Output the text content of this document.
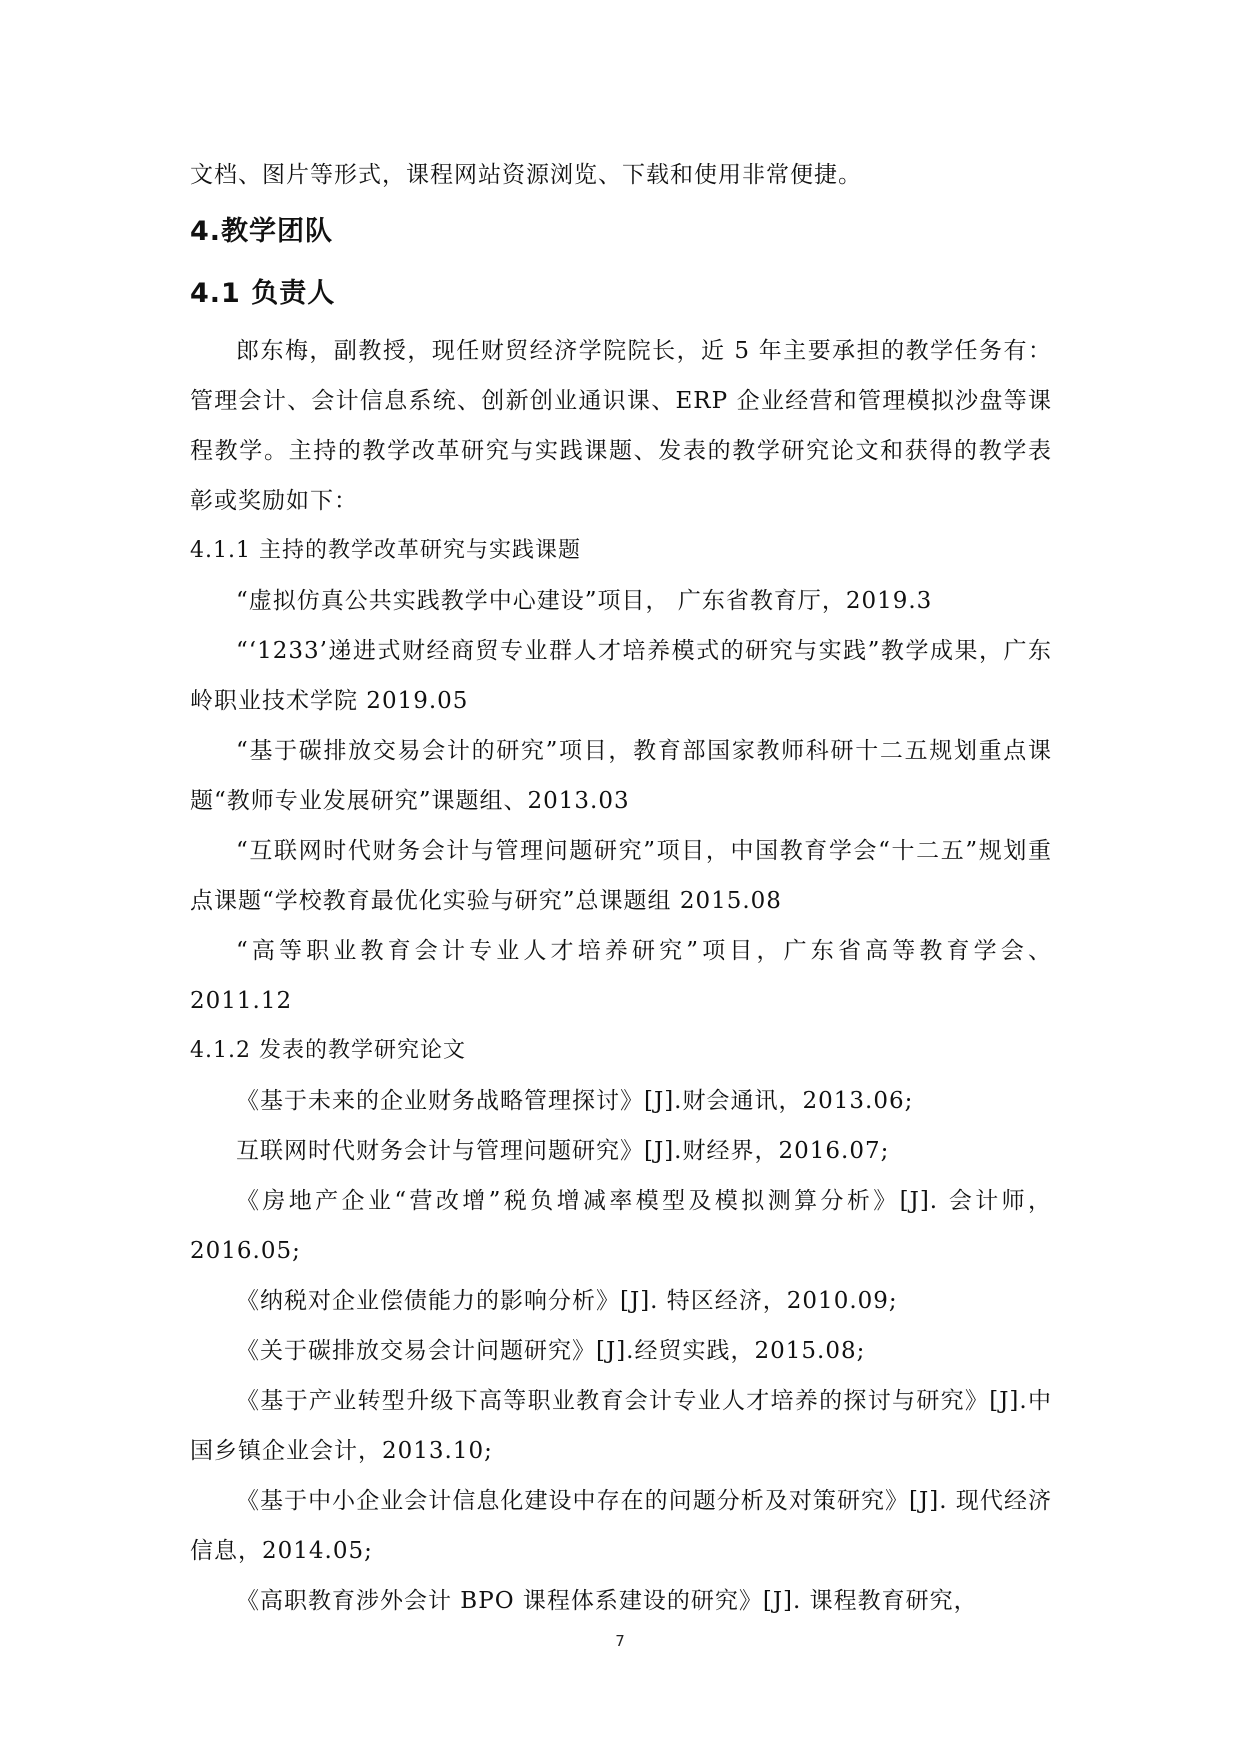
文档、图片等形式，课程网站资源浏览、下载和使用非常便捷。

4.教学团队
4.1 负责人

郎东梅，副教授，现任财贸经济学院院长，近 5 年主要承担的教学任务有：管理会计、会计信息系统、创新创业通识课、ERP 企业经营和管理模拟沙盘等课程教学。主持的教学改革研究与实践课题、发表的教学研究论文和获得的教学表彰或奖励如下：

4.1.1 主持的教学改革研究与实践课题

“虚拟仿真公共实践教学中心建设”项目， 广东省教育厅，2019.3

“‘1233’递进式财经商贸专业群人才培养模式的研究与实践”教学成果，广东岭职业技术学院 2019.05

“基于碳排放交易会计的研究”项目，教育部国家教师科研十二五规划重点课题“教师专业发展研究”课题组、2013.03

“互联网时代财务会计与管理问题研究”项目，中国教育学会“十二五”规划重点课题“学校教育最优化实验与研究”总课题组 2015.08

“高等职业教育会计专业人才培养研究”项目，广东省高等教育学会、2011.12

4.1.2 发表的教学研究论文

《基于未来的企业财务战略管理探讨》[J].财会通讯，2013.06;

互联网时代财务会计与管理问题研究》[J].财经界，2016.07;

《房地产企业“营改增”税负增减率模型及模拟测算分析》[J]. 会计师，2016.05;

《纳税对企业偿债能力的影响分析》[J]. 特区经济，2010.09;

《关于碳排放交易会计问题研究》[J].经贸实践，2015.08;

《基于产业转型升级下高等职业教育会计专业人才培养的探讨与研究》[J].中国乡镇企业会计，2013.10;

《基于中小企业会计信息化建设中存在的问题分析及对策研究》[J]. 现代经济信息，2014.05;

《高职教育涉外会计 BPO 课程体系建设的研究》[J]. 课程教育研究，

7
